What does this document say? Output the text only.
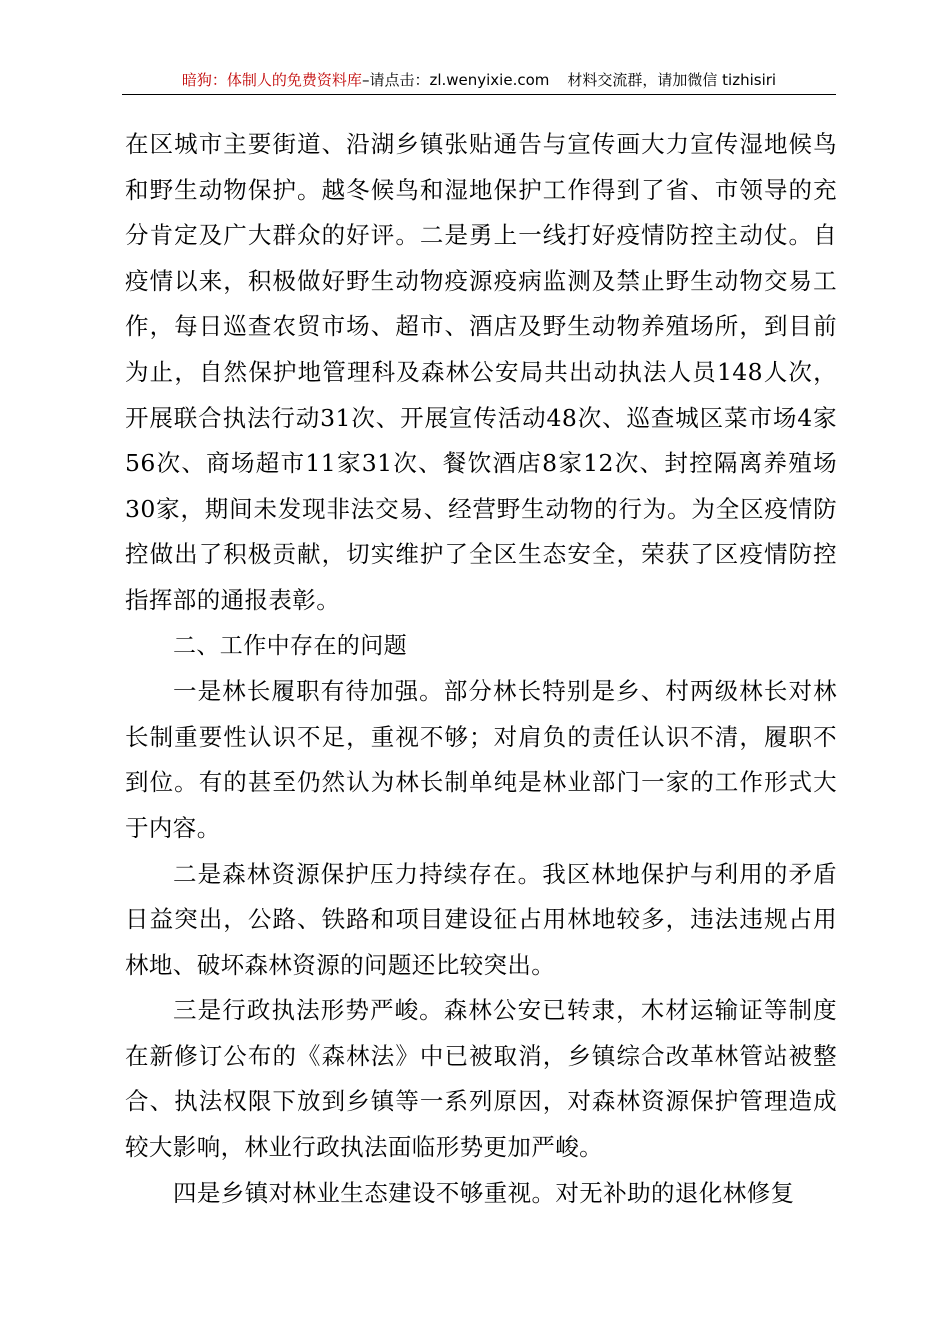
暗狗：体制人的免费资料库–请点击：zl.wenyixie.com 材料交流群，请加微信 tizhisiri

在区城市主要街道、沿湖乡镇张贴通告与宣传画大力宣传湿地候鸟和野生动物保护。越冬候鸟和湿地保护工作得到了省、市领导的充分肯定及广大群众的好评。二是勇上一线打好疫情防控主动仗。自疫情以来，积极做好野生动物疫源疫病监测及禁止野生动物交易工作，每日巡查农贸市场、超市、酒店及野生动物养殖场所，到目前为止，自然保护地管理科及森林公安局共出动执法人员148人次，开展联合执法行动31次、开展宣传活动48次、巡查城区菜市场4家56次、商场超市11家31次、餐饮酒店8家12次、封控隔离养殖场30家，期间未发现非法交易、经营野生动物的行为。为全区疫情防控做出了积极贡献，切实维护了全区生态安全，荣获了区疫情防控指挥部的通报表彰。

二、工作中存在的问题

一是林长履职有待加强。部分林长特别是乡、村两级林长对林长制重要性认识不足，重视不够；对肩负的责任认识不清，履职不到位。有的甚至仍然认为林长制单纯是林业部门一家的工作形式大于内容。

二是森林资源保护压力持续存在。我区林地保护与利用的矛盾日益突出，公路、铁路和项目建设征占用林地较多，违法违规占用林地、破坏森林资源的问题还比较突出。

三是行政执法形势严峻。森林公安已转隶，木材运输证等制度在新修订公布的《森林法》中已被取消，乡镇综合改革林管站被整合、执法权限下放到乡镇等一系列原因，对森林资源保护管理造成较大影响，林业行政执法面临形势更加严峻。

四是乡镇对林业生态建设不够重视。对无补助的退化林修复
